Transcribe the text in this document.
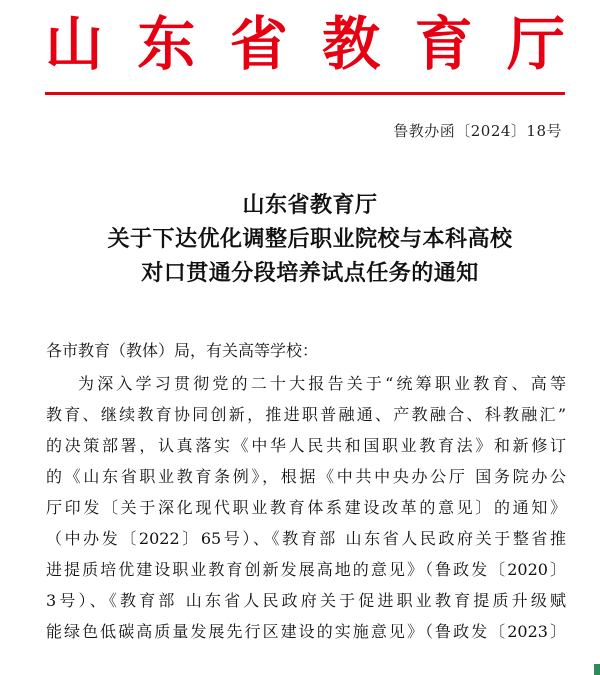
山 东 省 教 育 厅
鲁教办函〔2024〕18号
山东省教育厅
关于下达优化调整后职业院校与本科高校
对口贯通分段培养试点任务的通知
各市教育（教体）局，有关高等学校：
为深入学习贯彻党的二十大报告关于“统筹职业教育、高等
教育、继续教育协同创新，推进职普融通、产教融合、科教融汇”
的决策部署，认真落实《中华人民共和国职业教育法》和新修订
的《山东省职业教育条例》，根据《中共中央办公厅 国务院办公
厅印发〔关于深化现代职业教育体系建设改革的意见〕的通知》
（中办发〔2022〕65号）、《教育部 山东省人民政府关于整省推
进提质培优建设职业教育创新发展高地的意见》（鲁政发〔2020〕
3号）、《教育部 山东省人民政府关于促进职业教育提质升级赋
能绿色低碳高质量发展先行区建设的实施意见》（鲁政发〔2023〕
